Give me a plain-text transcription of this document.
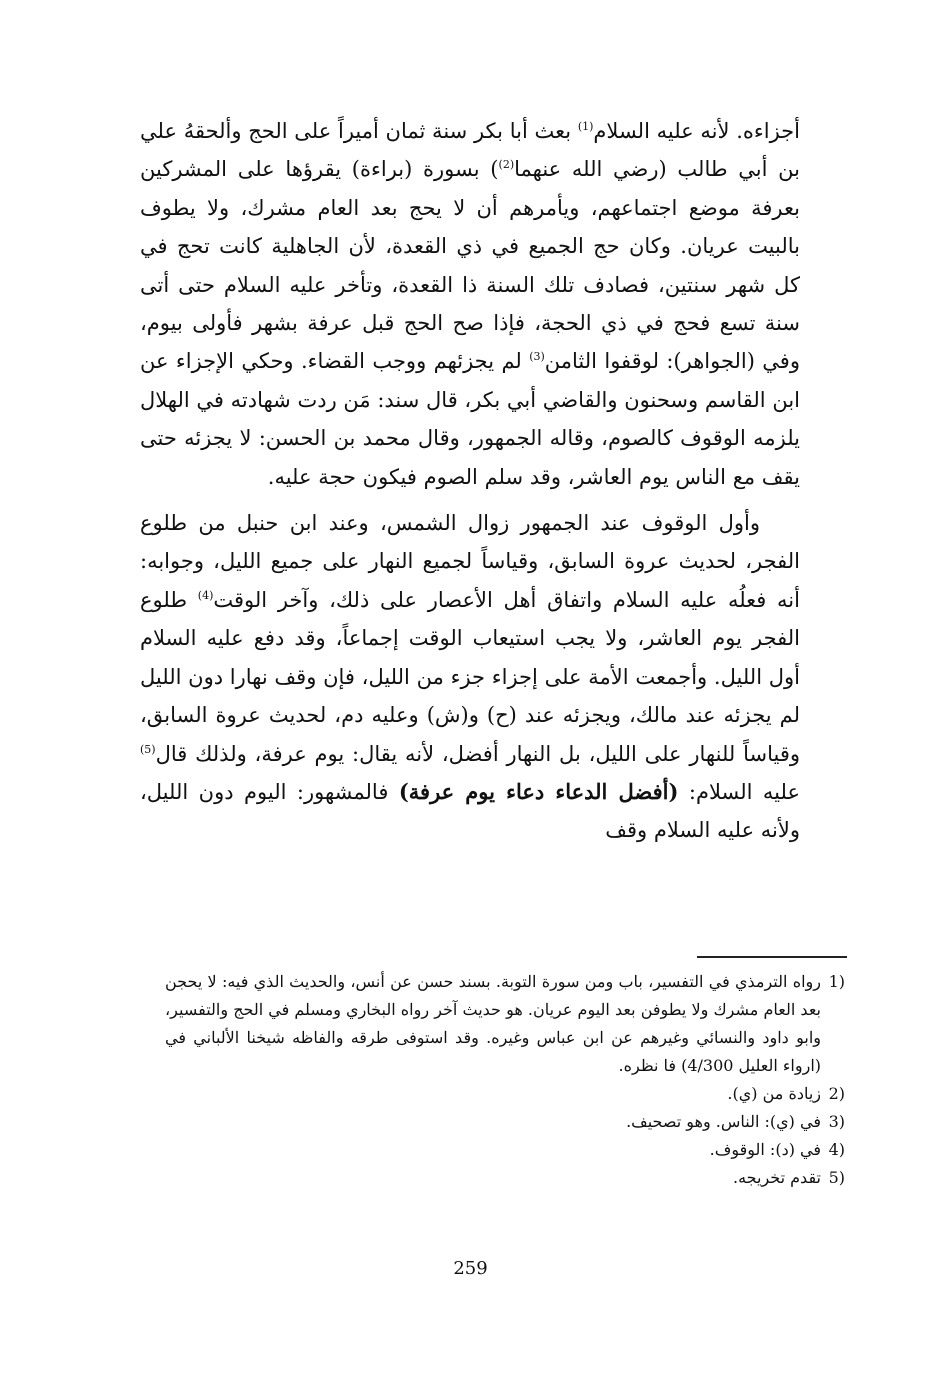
أجزاءه. لأنه عليه السلام$^{(1)}$ بعث أبا بكر سنة ثمان أميراً على الحج وألحقهُ علي بن أبي طالب (رضي الله عنهما$^{(2)}$) بسورة (براءة) يقرؤها على المشركين بعرفة موضع اجتماعهم، ويأمرهم أن لا يحج بعد العام مشرك، ولا يطوف بالبيت عريان. وكان حج الجميع في ذي القعدة، لأن الجاهلية كانت تحج في كل شهر سنتين، فصادف تلك السنة ذا القعدة، وتأخر عليه السلام حتى أتى سنة تسع فحج في ذي الحجة، فإذا صح الحج قبل عرفة بشهر فأولى بيوم، وفي (الجواهر): لوقفوا الثامن$^{(3)}$ لم يجزئهم ووجب القضاء. وحكي الإجزاء عن ابن القاسم وسحنون والقاضي أبي بكر، قال سند: مَن ردت شهادته في الهلال يلزمه الوقوف كالصوم، وقاله الجمهور، وقال محمد بن الحسن: لا يجزئه حتى يقف مع الناس يوم العاشر، وقد سلم الصوم فيكون حجة عليه.

وأول الوقوف عند الجمهور زوال الشمس، وعند ابن حنبل من طلوع الفجر، لحديث عروة السابق، وقياساً لجميع النهار على جميع الليل، وجوابه: أنه فعلُه عليه السلام واتفاق أهل الأعصار على ذلك، وآخر الوقت$^{(4)}$ طلوع الفجر يوم العاشر، ولا يجب استيعاب الوقت إجماعاً، وقد دفع عليه السلام أول الليل. وأجمعت الأمة على إجزاء جزء من الليل، فإن وقف نهارا دون الليل لم يجزئه عند مالك، ويجزئه عند (ح) و(ش) وعليه دم، لحديث عروة السابق، وقياساً للنهار على الليل، بل النهار أفضل، لأنه يقال: يوم عرفة، ولذلك قال$^{(5)}$ عليه السلام: (أفضل الدعاء دعاء يوم عرفة) فالمشهور: اليوم دون الليل، ولأنه عليه السلام وقف

1)
رواه الترمذي في التفسير، باب ومن سورة التوبة. بسند حسن عن أنس، والحديث الذي فيه: لا يحجن بعد العام مشرك ولا يطوفن بعد اليوم عريان. هو حديث آخر رواه البخاري ومسلم في الحج والتفسير، وابو داود والنسائي وغيرهم عن ابن عباس وغيره. وقد استوفى طرقه والفاظه شيخنا الألباني في (ارواء العليل 4/300) فا نظره.
2)
زيادة من (ي).
3)
في (ي): الناس. وهو تصحيف.
4)
في (د): الوقوف.
5)
تقدم تخريجه.
259
